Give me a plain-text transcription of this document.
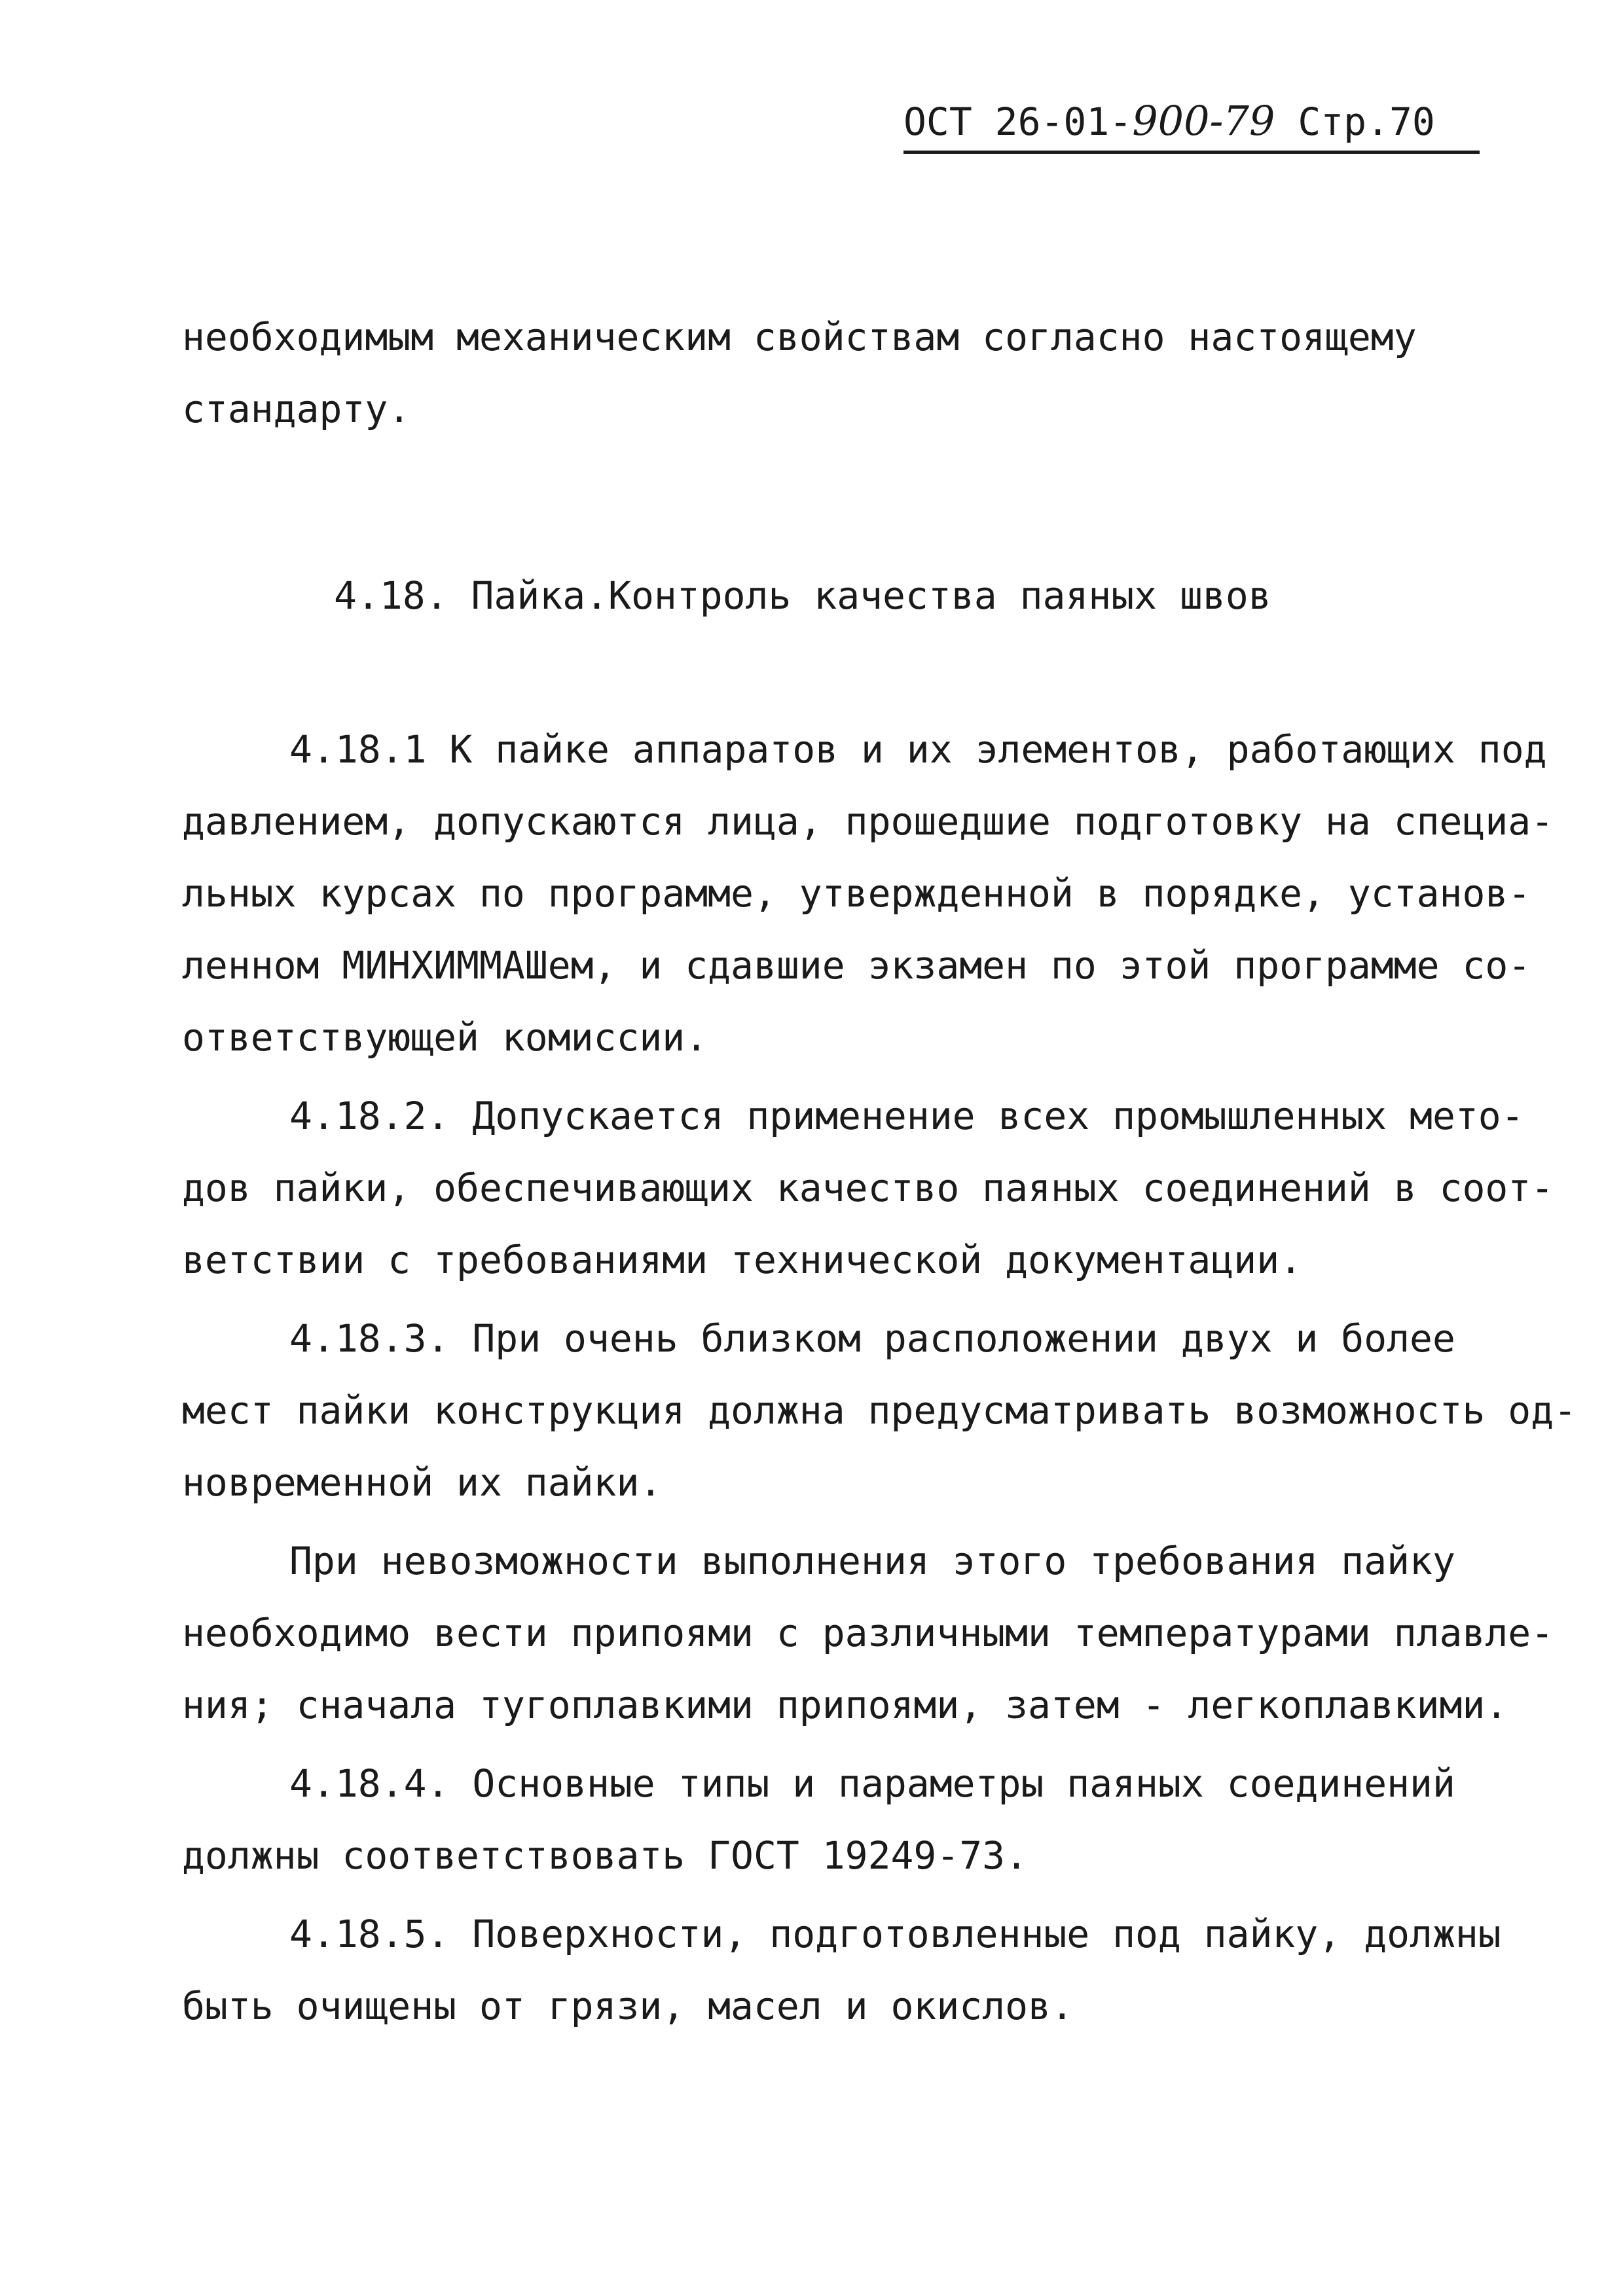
ОСТ 26-01-900-79 Стр.70
необходимым механическим свойствам согласно настоящему
стандарту.
4.18. Пайка.Контроль качества паяных швов
4.18.1 К пайке аппаратов и их элементов, работающих под
давлением, допускаются лица, прошедшие подготовку на специа-
льных курсах по программе, утвержденной в порядке, установ-
ленном МИНХИММАШем, и сдавшие экзамен по этой программе со-
ответствующей комиссии.
4.18.2. Допускается применение всех промышленных мето-
дов пайки, обеспечивающих качество паяных соединений в соот-
ветствии с требованиями технической документации.
4.18.3. При очень близком расположении двух и более
мест пайки конструкция должна предусматривать возможность од-
новременной их пайки.
При невозможности выполнения этого требования пайку
необходимо вести припоями с различными температурами плавле-
ния; сначала тугоплавкими припоями, затем - легкоплавкими.
4.18.4. Основные типы и параметры паяных соединений
должны соответствовать ГОСТ 19249-73.
4.18.5. Поверхности, подготовленные под пайку, должны
быть очищены от грязи, масел и окислов.
